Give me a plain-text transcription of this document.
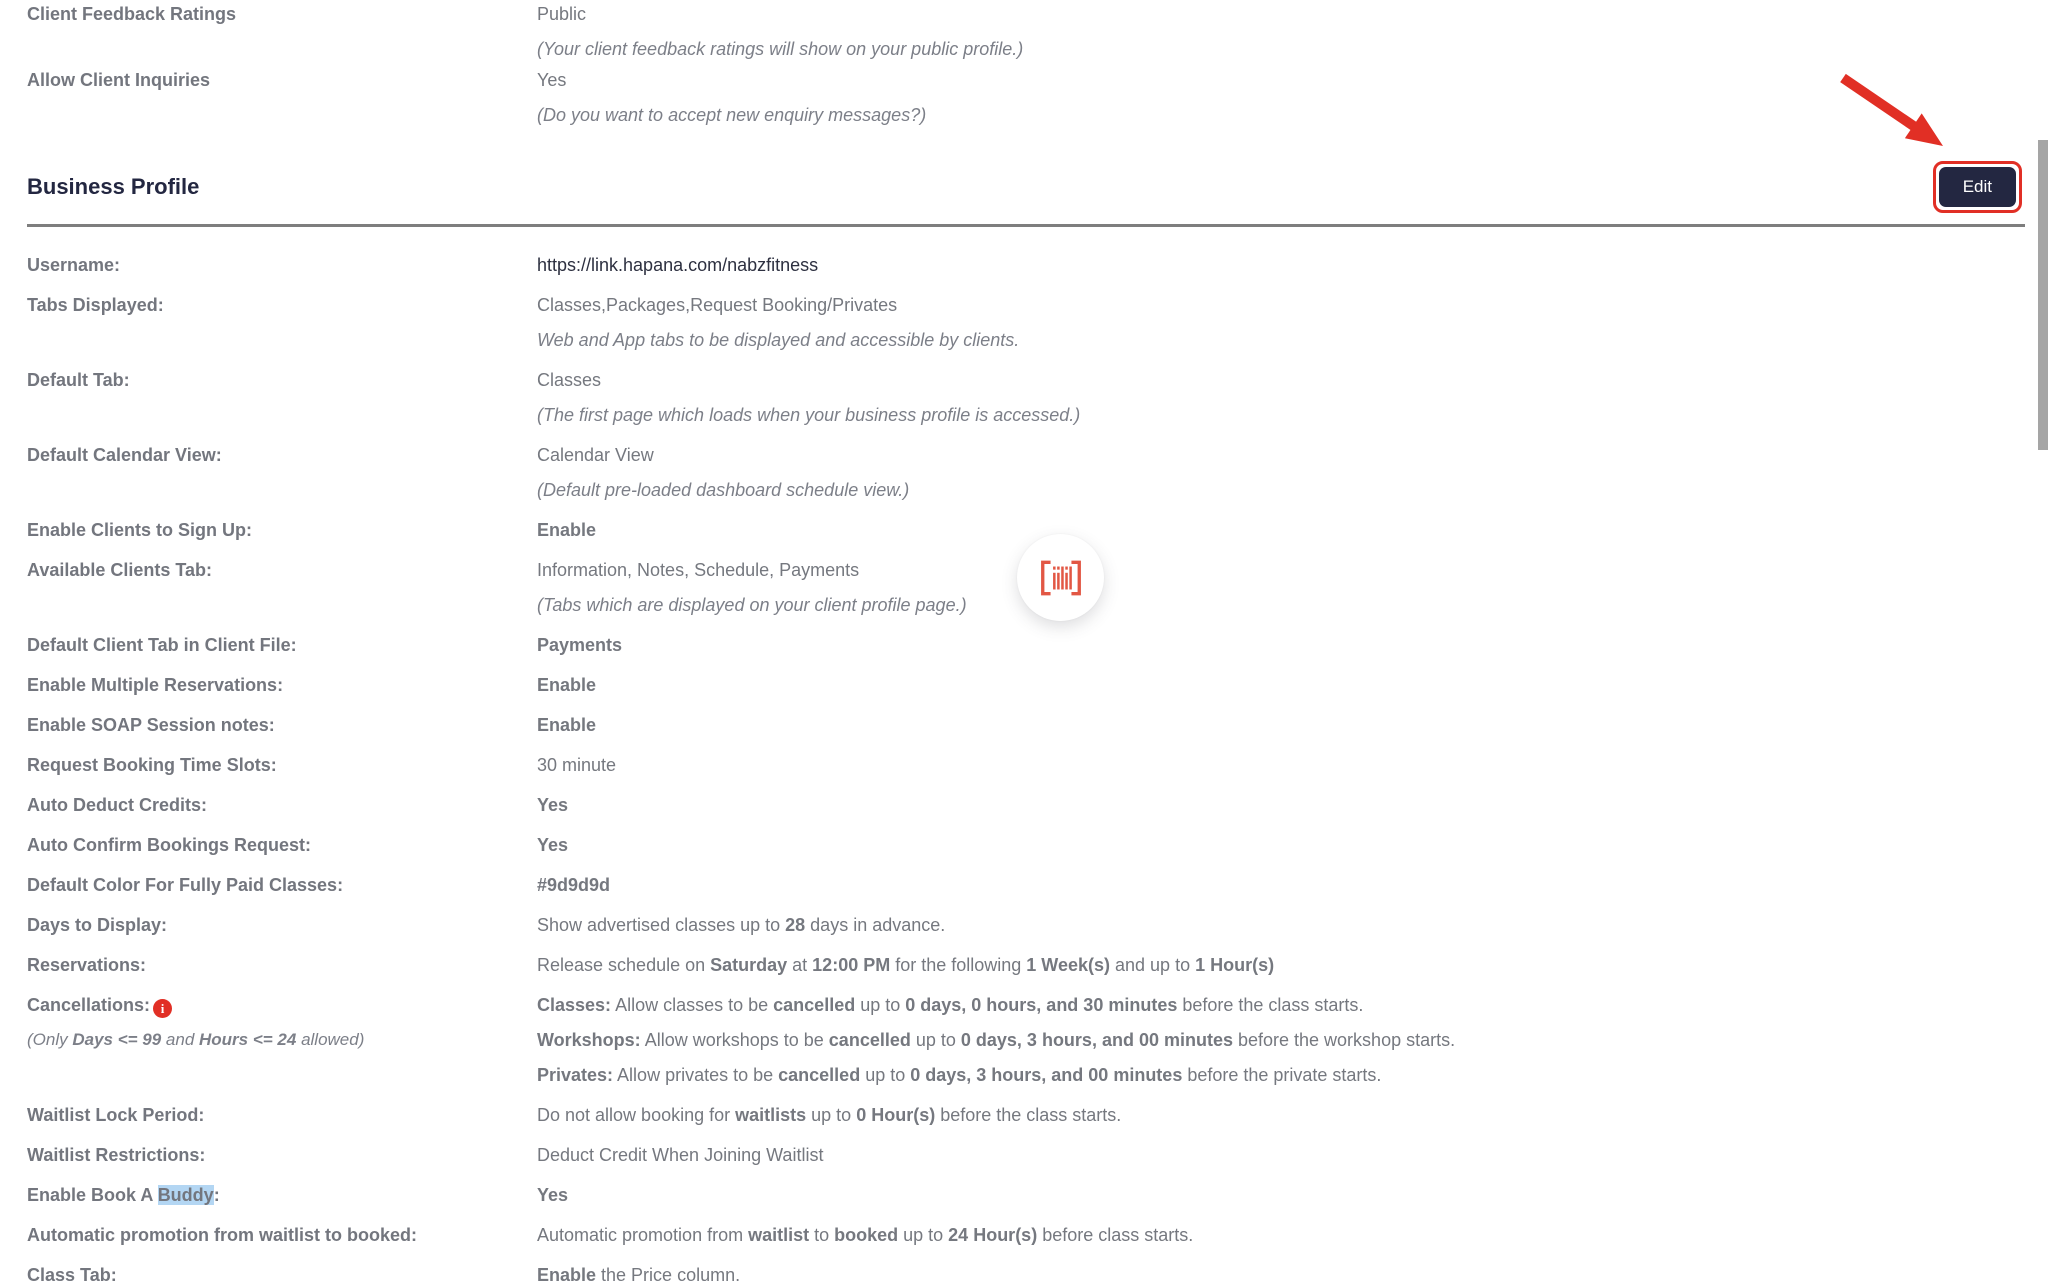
Client Feedback Ratings	Public
(Your client feedback ratings will show on your public profile.)
Allow Client Inquiries	Yes
(Do you want to accept new enquiry messages?)
Business Profile	Edit
Username:	https://link.hapana.com/nabzfitness
Tabs Displayed:	Classes,Packages,Request Booking/Privates
Web and App tabs to be displayed and accessible by clients.
Default Tab:	Classes
(The first page which loads when your business profile is accessed.)
Default Calendar View:	Calendar View
(Default pre-loaded dashboard schedule view.)
Enable Clients to Sign Up:	Enable
Available Clients Tab:	Information, Notes, Schedule, Payments
(Tabs which are displayed on your client profile page.)
Default Client Tab in Client File:	Payments
Enable Multiple Reservations:	Enable
Enable SOAP Session notes:	Enable
Request Booking Time Slots:	30 minute
Auto Deduct Credits:	Yes
Auto Confirm Bookings Request:	Yes
Default Color For Fully Paid Classes:	#9d9d9d
Days to Display:	Show advertised classes up to 28 days in advance.
Reservations:	Release schedule on Saturday at 12:00 PM for the following 1 Week(s) and up to 1 Hour(s)
Cancellations: i
(Only Days <= 99 and Hours <= 24 allowed)
Classes: Allow classes to be cancelled up to 0 days, 0 hours, and 30 minutes before the class starts.
Workshops: Allow workshops to be cancelled up to 0 days, 3 hours, and 00 minutes before the workshop starts.
Privates: Allow privates to be cancelled up to 0 days, 3 hours, and 00 minutes before the private starts.
Waitlist Lock Period:	Do not allow booking for waitlists up to 0 Hour(s) before the class starts.
Waitlist Restrictions:	Deduct Credit When Joining Waitlist
Enable Book A Buddy:	Yes
Automatic promotion from waitlist to booked:	Automatic promotion from waitlist to booked up to 24 Hour(s) before class starts.
Class Tab:	Enable the Price column.
